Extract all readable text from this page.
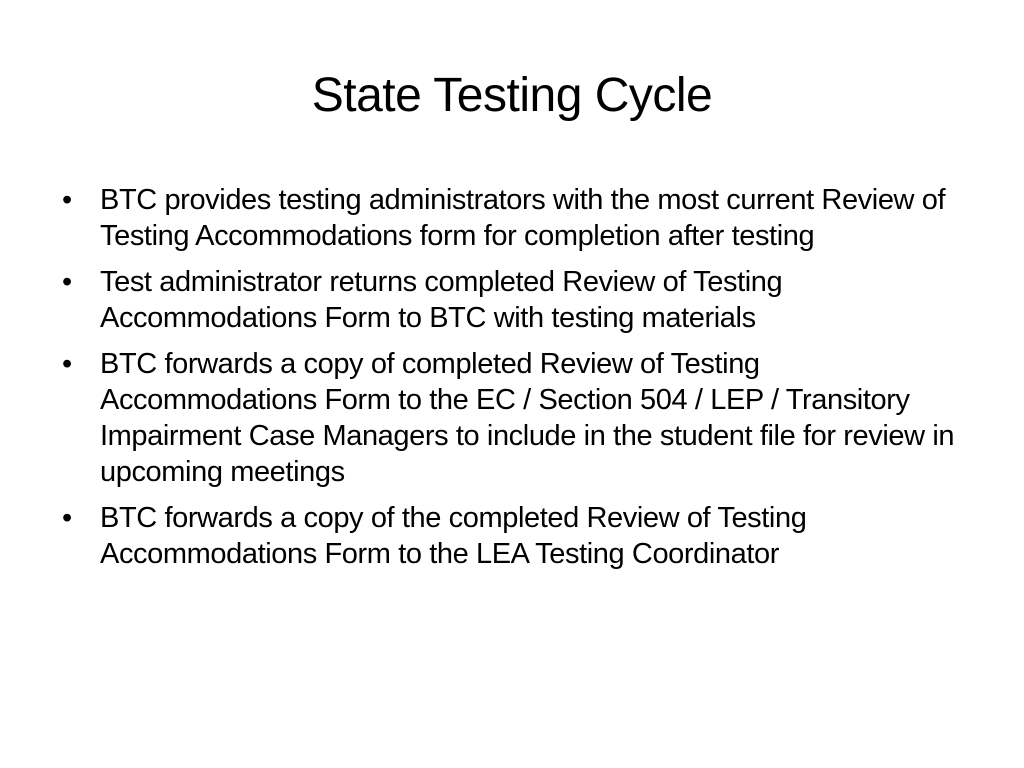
State Testing Cycle
• BTC provides testing administrators with the most current Review of Testing Accommodations form for completion after testing
• Test administrator returns completed Review of Testing Accommodations Form to BTC with testing materials
• BTC forwards a copy of completed Review of Testing Accommodations Form to the EC / Section 504 / LEP / Transitory Impairment Case Managers to include in the student file for review in upcoming meetings
• BTC forwards a copy of the completed Review of Testing Accommodations Form to the LEA Testing Coordinator
